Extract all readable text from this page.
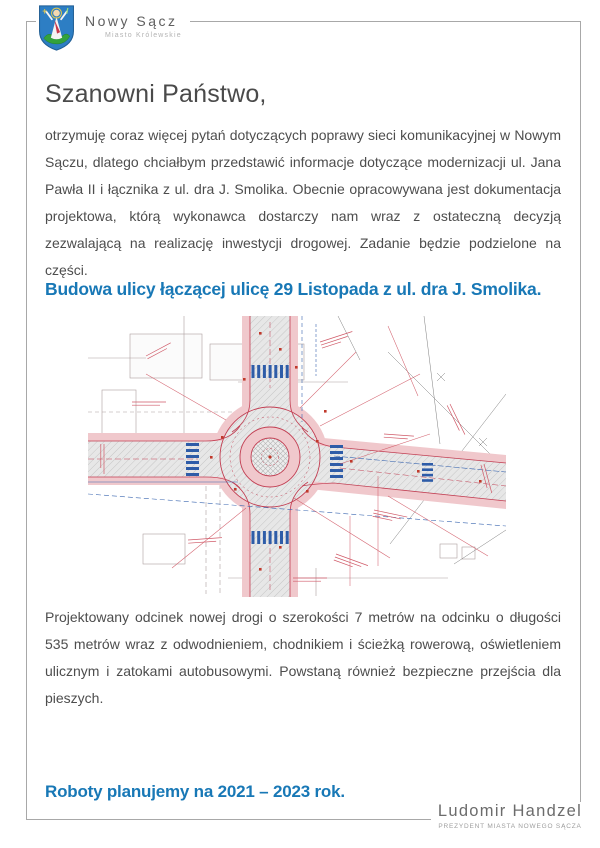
Nowy Sącz
Miasto Królewskie
Szanowni Państwo,
otrzymuję coraz więcej pytań dotyczących poprawy sieci komunikacyjnej w Nowym Sączu, dlatego chciałbym przedstawić informacje dotyczące modernizacji ul. Jana Pawła II i łącznika z ul. dra J. Smolika. Obecnie opracowywana jest dokumentacja projektowa, którą wykonawca dostarczy nam wraz z ostateczną decyzją zezwalającą na realizację inwestycji drogowej. Zadanie będzie podzielone na części.
Budowa ulicy łączącej ulicę 29 Listopada z ul. dra J. Smolika.
Projektowany odcinek nowej drogi o szerokości 7 metrów na odcinku o długości 535 metrów wraz z odwodnieniem, chodnikiem i ścieżką rowerową, oświetleniem ulicznym i zatokami autobusowymi. Powstaną również bezpieczne przejścia dla pieszych.
Roboty planujemy na 2021 – 2023 rok.
Ludomir Handzel
PREZYDENT MIASTA NOWEGO SĄCZA
